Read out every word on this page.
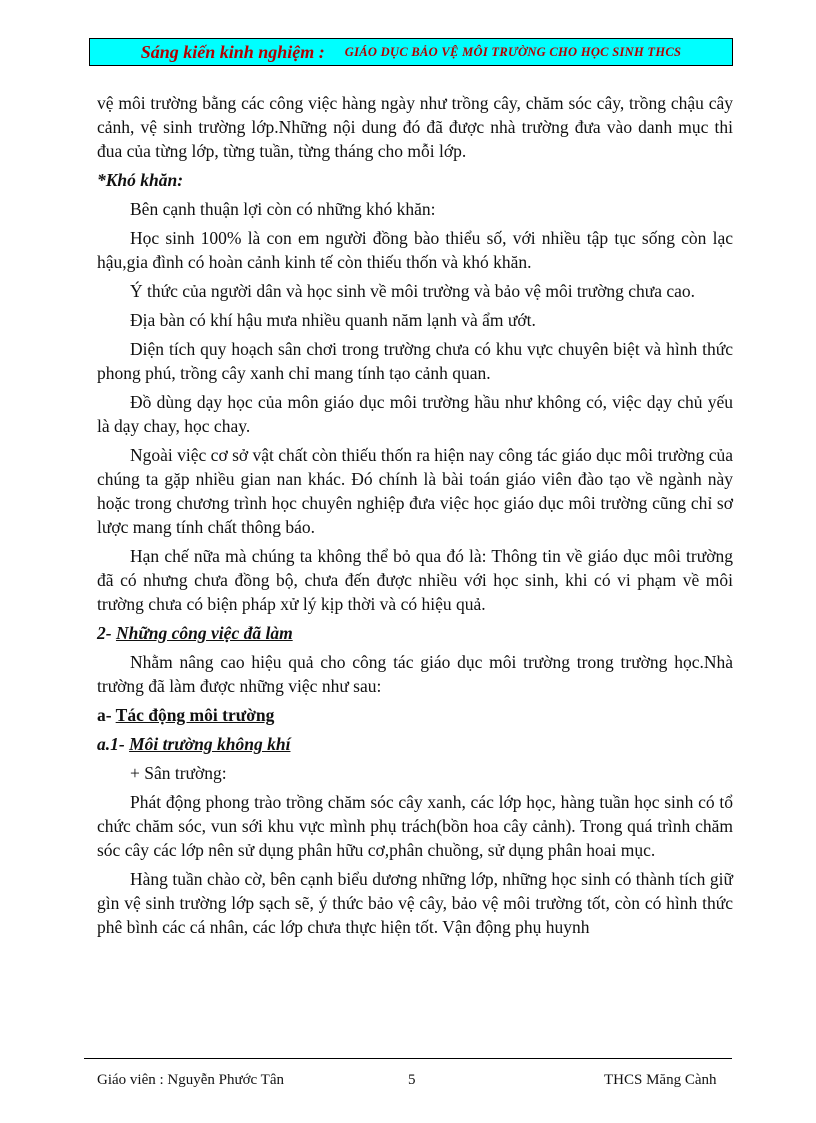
Sáng kiến kinh nghiệm : GIÁO DỤC BẢO VỆ MÔI TRƯỜNG CHO HỌC SINH THCS

vệ môi trường bằng các công việc hàng ngày như trồng cây, chăm sóc cây, trồng chậu cây cảnh, vệ sinh trường lớp.Những nội dung đó đã được nhà trường đưa vào danh mục thi đua của từng lớp, từng tuần, từng tháng cho mỗi lớp.

*Khó khăn:

Bên cạnh thuận lợi còn có những khó khăn:

Học sinh 100% là con em người đồng bào thiểu số, với nhiều tập tục sống còn lạc hậu,gia đình có hoàn cảnh kinh tế còn thiếu thốn và khó khăn.

Ý thức của người dân và học sinh về môi trường và bảo vệ môi trường chưa cao.

Địa bàn có khí hậu mưa nhiều quanh năm lạnh và ẩm ướt.

Diện tích quy hoạch sân chơi trong trường chưa có khu vực chuyên biệt và hình thức phong phú, trồng cây xanh chỉ mang tính tạo cảnh quan.

Đồ dùng dạy học của môn giáo dục môi trường hầu như không có, việc dạy chủ yếu là dạy chay, học chay.

Ngoài việc cơ sở vật chất còn thiếu thốn ra hiện nay công tác giáo dục môi trường của chúng ta gặp nhiều gian nan khác. Đó chính là bài toán giáo viên đào tạo về ngành này hoặc trong chương trình học chuyên nghiệp đưa việc học giáo dục môi trường cũng chỉ sơ lược mang tính chất thông báo.

Hạn chế nữa mà chúng ta không thể bỏ qua đó là: Thông tin về giáo dục môi trường đã có nhưng chưa đồng bộ, chưa đến được nhiều với học sinh, khi có vi phạm về môi trường chưa có biện pháp xử lý kịp thời và có hiệu quả.

2- Những công việc đã làm

Nhằm nâng cao hiệu quả cho công tác giáo dục môi trường trong trường học.Nhà trường đã làm được những việc như sau:

a- Tác động môi trường

a.1- Môi trường không khí

+ Sân trường:

Phát động phong trào trồng chăm sóc cây xanh, các lớp học, hàng tuần học sinh có tổ chức chăm sóc, vun sới khu vực mình phụ trách(bồn hoa cây cảnh). Trong quá trình chăm sóc cây các lớp nên sử dụng phân hữu cơ,phân chuồng, sử dụng phân hoai mục.

Hàng tuần chào cờ, bên cạnh biểu dương những lớp, những học sinh có thành tích giữ gìn vệ sinh trường lớp sạch sẽ, ý thức bảo vệ cây, bảo vệ môi trường tốt, còn có hình thức phê bình các cá nhân, các lớp chưa thực hiện tốt. Vận động phụ huynh

Giáo viên : Nguyễn Phước Tân	5	THCS Măng Cành
